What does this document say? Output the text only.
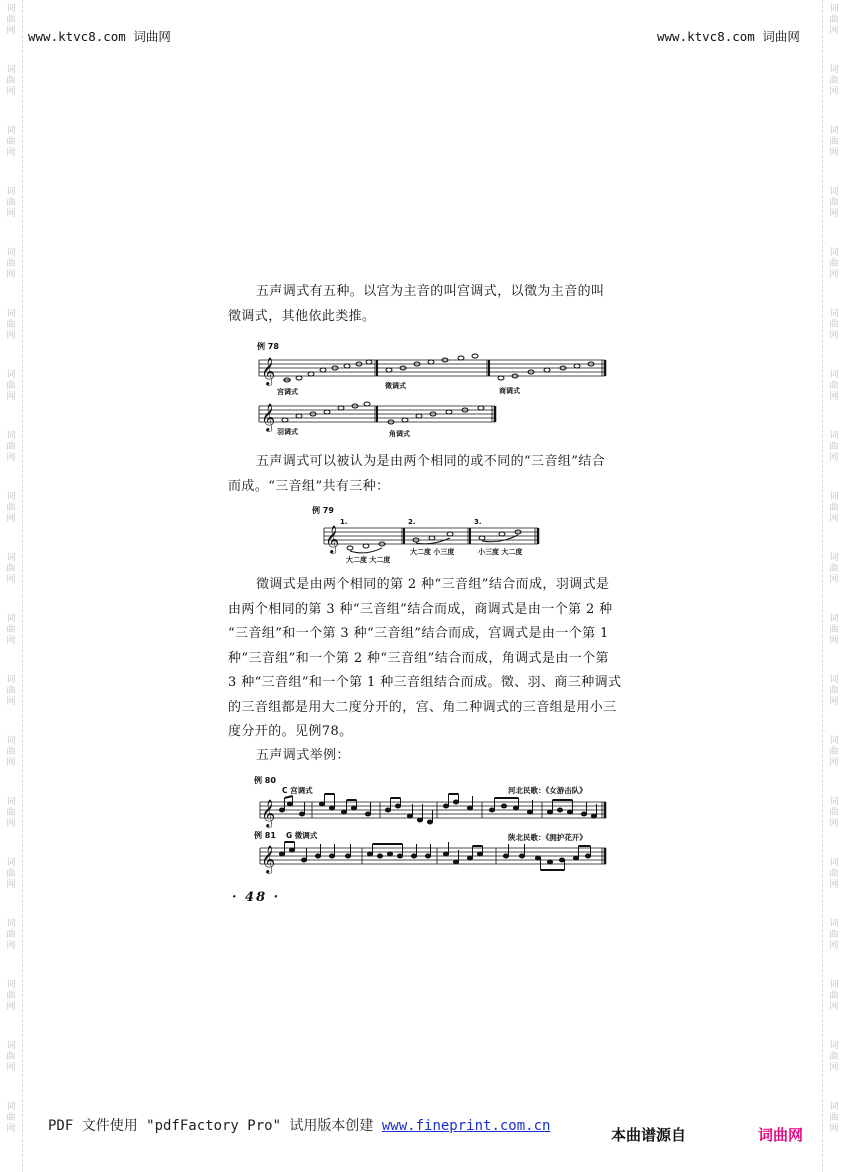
词
曲
网
词
曲
网
词
曲
网
词
曲
网
词
曲
网
词
曲
网
词
曲
网
词
曲
网
词
曲
网
词
曲
网
词
曲
网
词
曲
网
词
曲
网
词
曲
网
词
曲
网
词
曲
网
词
曲
网
词
曲
网
词
曲
网
词
曲
网
词
曲
网
词
曲
网
词
曲
网
词
曲
网
词
曲
网
词
曲
网
词
曲
网
词
曲
网
词
曲
网
词
曲
网
词
曲
网
词
曲
网
词
曲
网
词
曲
网
词
曲
网
词
曲
网
词
曲
网
词
曲
网
www.ktvc8.com 词曲网	www.ktvc8.com 词曲网
五声调式有五种。以宫为主音的叫宫调式，以徵为主音的叫
徵调式，其他依此类推。
例 78
𝄞
宫调式
徵调式
商调式
𝄞
羽调式	角调式
五声调式可以被认为是由两个相同的或不同的“三音组”结合
而成。“三音组”共有三种：
例 79
𝄞
1.	2.	3.
大二度 大二度
大二度 小三度	小三度 大二度
徵调式是由两个相同的第 2 种“三音组”结合而成，羽调式是
由两个相同的第 3 种“三音组”结合而成，商调式是由一个第 2 种
“三音组”和一个第 3 种“三音组”结合而成，宫调式是由一个第 1
种“三音组”和一个第 2 种“三音组”结合而成，角调式是由一个第
3 种“三音组”和一个第 1 种三音组结合而成。徵、羽、商三种调式
的三音组都是用大二度分开的，宫、角二种调式的三音组是用小三
度分开的。见例78。
五声调式举例：
例 80
C 宫调式	河北民歌：《女游击队》
𝄞
例 81 G 徵调式	陕北民歌：《拥护花开》
𝄞
· 48 ·
PDF 文件使用 "pdfFactory Pro" 试用版本创建 www.fineprint.com.cn	本曲谱源自	词曲网
